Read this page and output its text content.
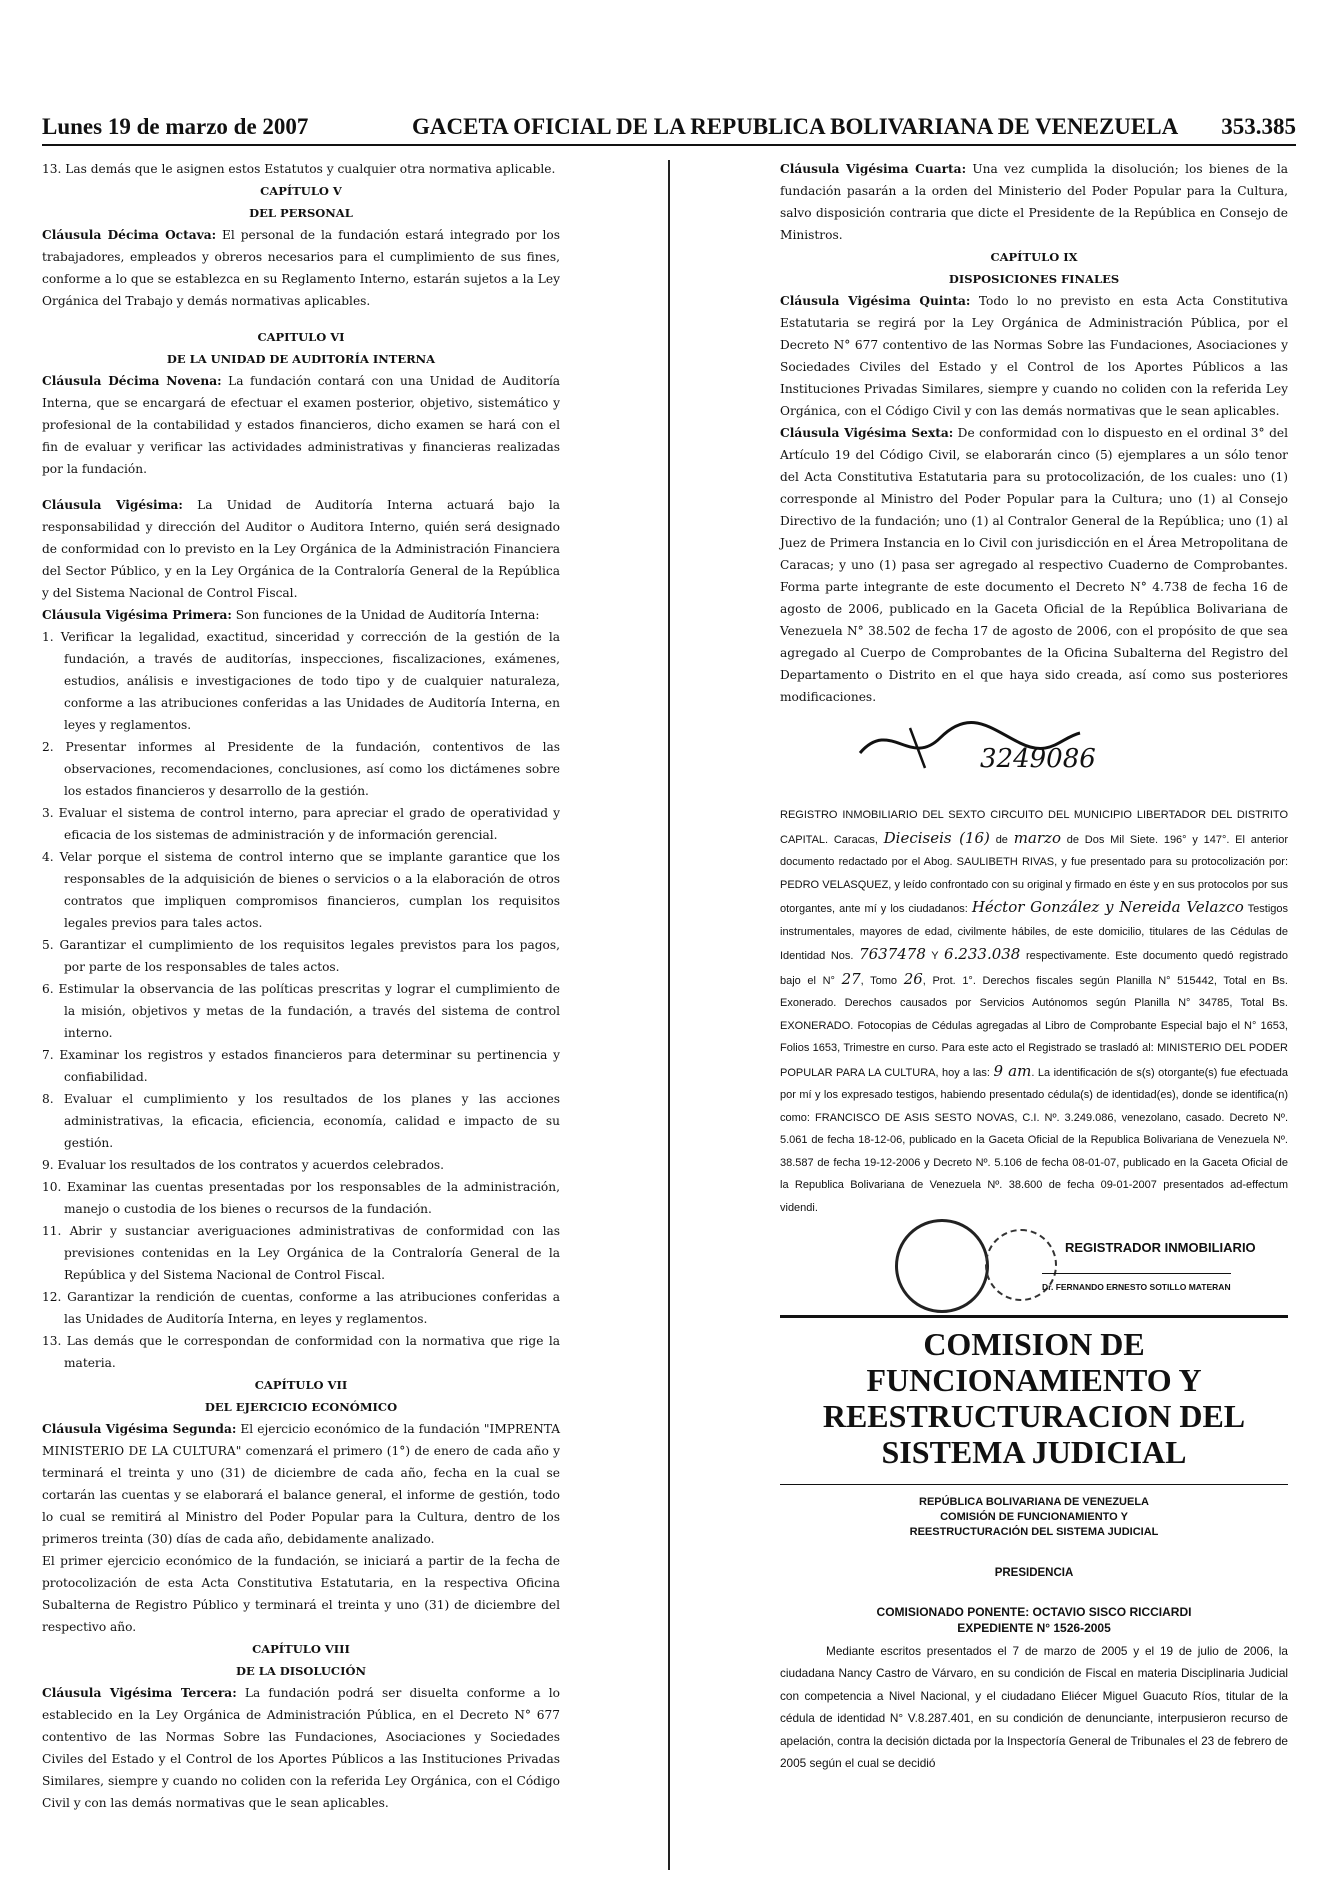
Lunes 19 de marzo de 2007	GACETA OFICIAL DE LA REPUBLICA BOLIVARIANA DE VENEZUELA 353.385

13. Las demás que le asignen estos Estatutos y cualquier otra normativa aplicable.

CAPÍTULO V

DEL PERSONAL

Cláusula Décima Octava: El personal de la fundación estará integrado por los trabajadores, empleados y obreros necesarios para el cumplimiento de sus fines, conforme a lo que se establezca en su Reglamento Interno, estarán sujetos a la Ley Orgánica del Trabajo y demás normativas aplicables.

CAPITULO VI

DE LA UNIDAD DE AUDITORÍA INTERNA

Cláusula Décima Novena: La fundación contará con una Unidad de Auditoría Interna, que se encargará de efectuar el examen posterior, objetivo, sistemático y profesional de la contabilidad y estados financieros, dicho examen se hará con el fin de evaluar y verificar las actividades administrativas y financieras realizadas por la fundación.

Cláusula Vigésima: La Unidad de Auditoría Interna actuará bajo la responsabilidad y dirección del Auditor o Auditora Interno, quién será designado de conformidad con lo previsto en la Ley Orgánica de la Administración Financiera del Sector Público, y en la Ley Orgánica de la Contraloría General de la República y del Sistema Nacional de Control Fiscal.

Cláusula Vigésima Primera: Son funciones de la Unidad de Auditoría Interna:

1. Verificar la legalidad, exactitud, sinceridad y corrección de la gestión de la fundación, a través de auditorías, inspecciones, fiscalizaciones, exámenes, estudios, análisis e investigaciones de todo tipo y de cualquier naturaleza, conforme a las atribuciones conferidas a las Unidades de Auditoría Interna, en leyes y reglamentos.

2. Presentar informes al Presidente de la fundación, contentivos de las observaciones, recomendaciones, conclusiones, así como los dictámenes sobre los estados financieros y desarrollo de la gestión.

3. Evaluar el sistema de control interno, para apreciar el grado de operatividad y eficacia de los sistemas de administración y de información gerencial.

4. Velar porque el sistema de control interno que se implante garantice que los responsables de la adquisición de bienes o servicios o a la elaboración de otros contratos que impliquen compromisos financieros, cumplan los requisitos legales previos para tales actos.

5. Garantizar el cumplimiento de los requisitos legales previstos para los pagos, por parte de los responsables de tales actos.

6. Estimular la observancia de las políticas prescritas y lograr el cumplimiento de la misión, objetivos y metas de la fundación, a través del sistema de control interno.

7. Examinar los registros y estados financieros para determinar su pertinencia y confiabilidad.

8. Evaluar el cumplimiento y los resultados de los planes y las acciones administrativas, la eficacia, eficiencia, economía, calidad e impacto de su gestión.

9. Evaluar los resultados de los contratos y acuerdos celebrados.

10. Examinar las cuentas presentadas por los responsables de la administración, manejo o custodia de los bienes o recursos de la fundación.

11. Abrir y sustanciar averiguaciones administrativas de conformidad con las previsiones contenidas en la Ley Orgánica de la Contraloría General de la República y del Sistema Nacional de Control Fiscal.

12. Garantizar la rendición de cuentas, conforme a las atribuciones conferidas a las Unidades de Auditoría Interna, en leyes y reglamentos.

13. Las demás que le correspondan de conformidad con la normativa que rige la materia.

CAPÍTULO VII

DEL EJERCICIO ECONÓMICO

Cláusula Vigésima Segunda: El ejercicio económico de la fundación "IMPRENTA MINISTERIO DE LA CULTURA" comenzará el primero (1°) de enero de cada año y terminará el treinta y uno (31) de diciembre de cada año, fecha en la cual se cortarán las cuentas y se elaborará el balance general, el informe de gestión, todo lo cual se remitirá al Ministro del Poder Popular para la Cultura, dentro de los primeros treinta (30) días de cada año, debidamente analizado.

El primer ejercicio económico de la fundación, se iniciará a partir de la fecha de protocolización de esta Acta Constitutiva Estatutaria, en la respectiva Oficina Subalterna de Registro Público y terminará el treinta y uno (31) de diciembre del respectivo año.

CAPÍTULO VIII

DE LA DISOLUCIÓN

Cláusula Vigésima Tercera: La fundación podrá ser disuelta conforme a lo establecido en la Ley Orgánica de Administración Pública, en el Decreto N° 677 contentivo de las Normas Sobre las Fundaciones, Asociaciones y Sociedades Civiles del Estado y el Control de los Aportes Públicos a las Instituciones Privadas Similares, siempre y cuando no coliden con la referida Ley Orgánica, con el Código Civil y con las demás normativas que le sean aplicables.

Cláusula Vigésima Cuarta: Una vez cumplida la disolución; los bienes de la fundación pasarán a la orden del Ministerio del Poder Popular para la Cultura, salvo disposición contraria que dicte el Presidente de la República en Consejo de Ministros.

CAPÍTULO IX

DISPOSICIONES FINALES

Cláusula Vigésima Quinta: Todo lo no previsto en esta Acta Constitutiva Estatutaria se regirá por la Ley Orgánica de Administración Pública, por el Decreto N° 677 contentivo de las Normas Sobre las Fundaciones, Asociaciones y Sociedades Civiles del Estado y el Control de los Aportes Públicos a las Instituciones Privadas Similares, siempre y cuando no coliden con la referida Ley Orgánica, con el Código Civil y con las demás normativas que le sean aplicables.

Cláusula Vigésima Sexta: De conformidad con lo dispuesto en el ordinal 3° del Artículo 19 del Código Civil, se elaborarán cinco (5) ejemplares a un sólo tenor del Acta Constitutiva Estatutaria para su protocolización, de los cuales: uno (1) corresponde al Ministro del Poder Popular para la Cultura; uno (1) al Consejo Directivo de la fundación; uno (1) al Contralor General de la República; uno (1) al Juez de Primera Instancia en lo Civil con jurisdicción en el Área Metropolitana de Caracas; y uno (1) pasa ser agregado al respectivo Cuaderno de Comprobantes. Forma parte integrante de este documento el Decreto N° 4.738 de fecha 16 de agosto de 2006, publicado en la Gaceta Oficial de la República Bolivariana de Venezuela N° 38.502 de fecha 17 de agosto de 2006, con el propósito de que sea agregado al Cuerpo de Comprobantes de la Oficina Subalterna del Registro del Departamento o Distrito en el que haya sido creada, así como sus posteriores modificaciones.

3249086
REGISTRO INMOBILIARIO DEL SEXTO CIRCUITO DEL MUNICIPIO LIBERTADOR DEL DISTRITO CAPITAL. Caracas, Dieciseis (16) de marzo de Dos Mil Siete. 196° y 147°. El anterior documento redactado por el Abog. SAULIBETH RIVAS, y fue presentado para su protocolización por: PEDRO VELASQUEZ, y leído confrontado con su original y firmado en éste y en sus protocolos por sus otorgantes, ante mí y los ciudadanos: Héctor González y Nereida Velazco Testigos instrumentales, mayores de edad, civilmente hábiles, de este domicilio, titulares de las Cédulas de Identidad Nos. 7637478 Y 6.233.038 respectivamente. Este documento quedó registrado bajo el N° 27, Tomo 26, Prot. 1°. Derechos fiscales según Planilla N° 515442, Total en Bs. Exonerado. Derechos causados por Servicios Autónomos según Planilla N° 34785, Total Bs. EXONERADO. Fotocopias de Cédulas agregadas al Libro de Comprobante Especial bajo el N° 1653, Folios 1653, Trimestre en curso. Para este acto el Registrado se trasladó al: MINISTERIO DEL PODER POPULAR PARA LA CULTURA, hoy a las: 9 am. La identificación de s(s) otorgante(s) fue efectuada por mí y los expresado testigos, habiendo presentado cédula(s) de identidad(es), donde se identifica(n) como: FRANCISCO DE ASIS SESTO NOVAS, C.I. Nº. 3.249.086, venezolano, casado. Decreto Nº. 5.061 de fecha 18-12-06, publicado en la Gaceta Oficial de la Republica Bolivariana de Venezuela Nº. 38.587 de fecha 19-12-2006 y Decreto Nº. 5.106 de fecha 08-01-07, publicado en la Gaceta Oficial de la Republica Bolivariana de Venezuela Nº. 38.600 de fecha 09-01-2007 presentados ad-effectum videndi.
REGISTRADOR INMOBILIARIO
Dr. FERNANDO ERNESTO SOTILLO MATERAN
COMISION DE FUNCIONAMIENTO Y REESTRUCTURACION DEL SISTEMA JUDICIAL
REPÚBLICA BOLIVARIANA DE VENEZUELA
COMISIÓN DE FUNCIONAMIENTO Y
REESTRUCTURACIÓN DEL SISTEMA JUDICIAL
PRESIDENCIA
COMISIONADO PONENTE: OCTAVIO SISCO RICCIARDI
EXPEDIENTE N° 1526-2005

Mediante escritos presentados el 7 de marzo de 2005 y el 19 de julio de 2006, la ciudadana Nancy Castro de Várvaro, en su condición de Fiscal en materia Disciplinaria Judicial con competencia a Nivel Nacional, y el ciudadano Eliécer Miguel Guacuto Ríos, titular de la cédula de identidad N° V.8.287.401, en su condición de denunciante, interpusieron recurso de apelación, contra la decisión dictada por la Inspectoría General de Tribunales el 23 de febrero de 2005 según el cual se decidió
